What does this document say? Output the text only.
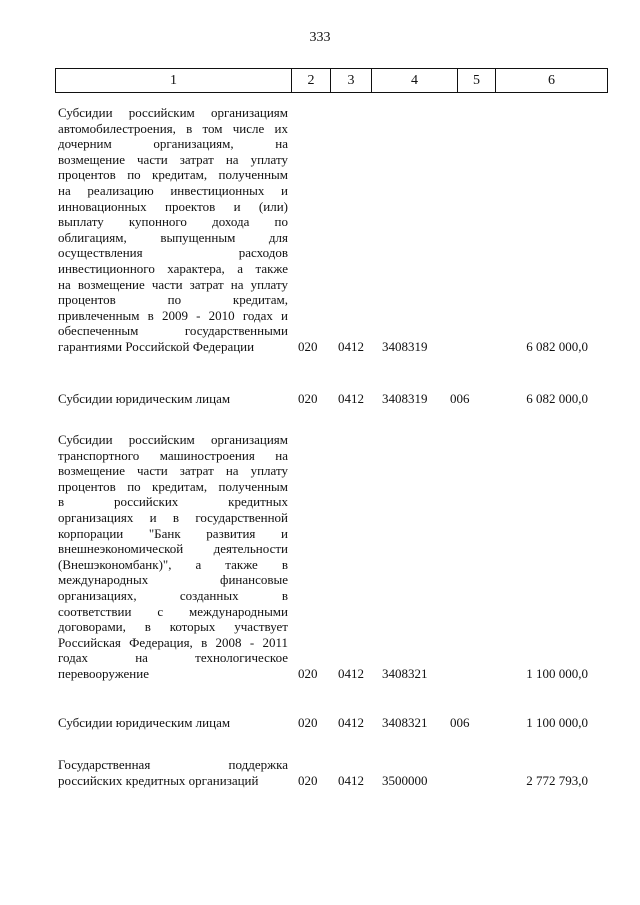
333
1	2	3	4	5	6
Субсидии российским организациям
автомобилестроения, в том числе их
дочерним организациям, на
возмещение части затрат на уплату
процентов по кредитам, полученным
на реализацию инвестиционных и
инновационных проектов и (или)
выплату купонного дохода по
облигациям, выпущенным для
осуществления расходов
инвестиционного характера, а также
на возмещение части затрат на уплату
процентов по кредитам,
привлеченным в 2009 - 2010 годах и
обеспеченным государственными
гарантиями Российской Федерации	020 0412 3408319	6 082 000,0
Субсидии юридическим лицам	020 0412 3408319 006	6 082 000,0
Субсидии российским организациям
транспортного машиностроения на
возмещение части затрат на уплату
процентов по кредитам, полученным
в российских кредитных
организациях и в государственной
корпорации "Банк развития и
внешнеэкономической деятельности
(Внешэкономбанк)", а также в
международных финансовые
организациях, созданных в
соответствии с международными
договорами, в которых участвует
Российская Федерация, в 2008 - 2011
годах на технологическое
перевооружение	020 0412 3408321	1 100 000,0
Субсидии юридическим лицам	020 0412 3408321 006	1 100 000,0
Государственная поддержка
российских кредитных организаций	020 0412 3500000	2 772 793,0
